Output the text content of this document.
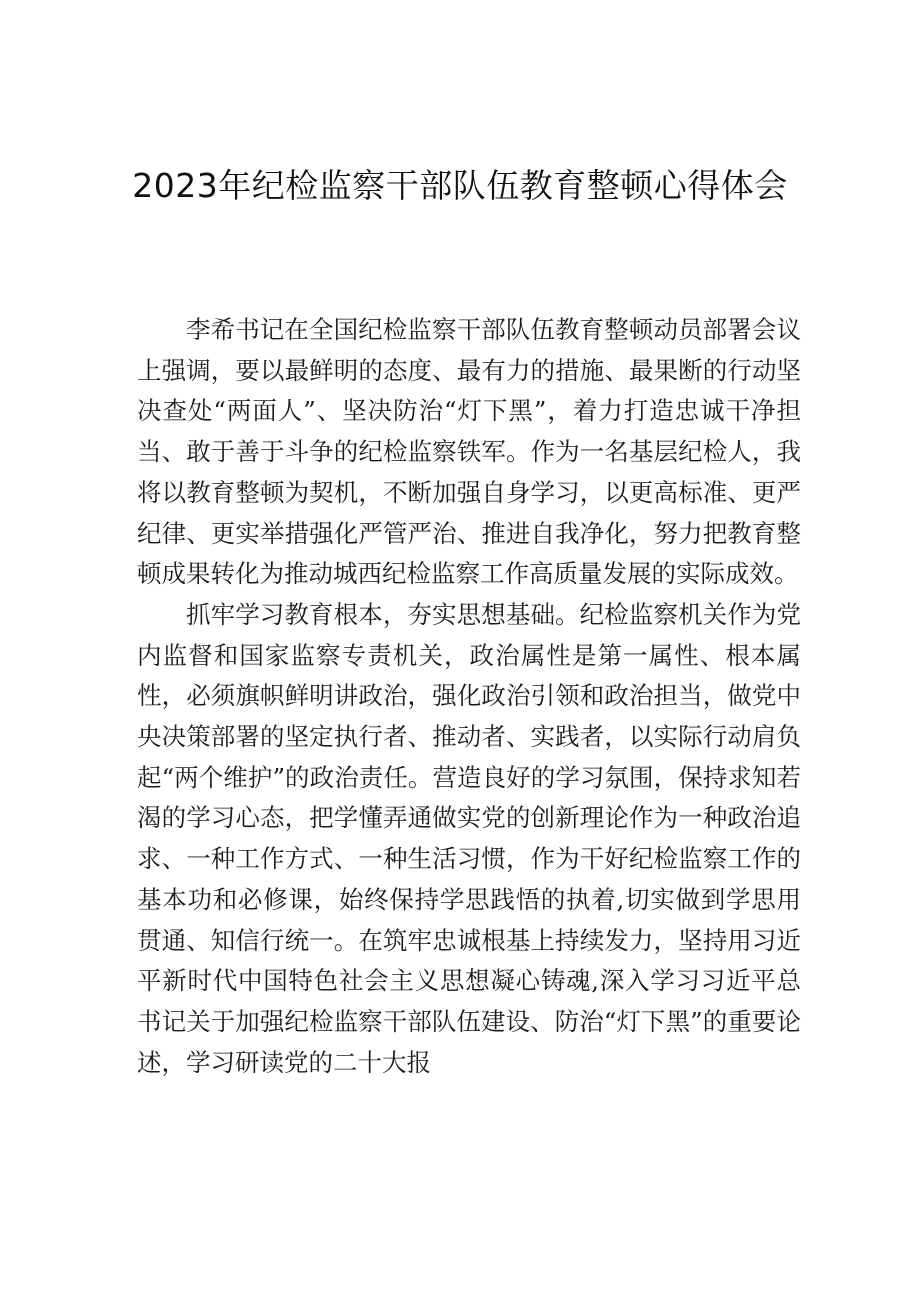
2023年纪检监察干部队伍教育整顿心得体会

李希书记在全国纪检监察干部队伍教育整顿动员部署会议上强调，要以最鲜明的态度、最有力的措施、最果断的行动坚决查处“两面人”、坚决防治“灯下黑”，着力打造忠诚干净担当、敢于善于斗争的纪检监察铁军。作为一名基层纪检人，我将以教育整顿为契机，不断加强自身学习，以更高标准、更严纪律、更实举措强化严管严治、推进自我净化，努力把教育整顿成果转化为推动城西纪检监察工作高质量发展的实际成效。

抓牢学习教育根本，夯实思想基础。纪检监察机关作为党内监督和国家监察专责机关，政治属性是第一属性、根本属性，必须旗帜鲜明讲政治，强化政治引领和政治担当，做党中央决策部署的坚定执行者、推动者、实践者，以实际行动肩负起“两个维护”的政治责任。营造良好的学习氛围，保持求知若渴的学习心态，把学懂弄通做实党的创新理论作为一种政治追求、一种工作方式、一种生活习惯，作为干好纪检监察工作的基本功和必修课，始终保持学思践悟的执着,切实做到学思用贯通、知信行统一。在筑牢忠诚根基上持续发力，坚持用习近平新时代中国特色社会主义思想凝心铸魂,深入学习习近平总书记关于加强纪检监察干部队伍建设、防治“灯下黑”的重要论述，学习研读党的二十大报
